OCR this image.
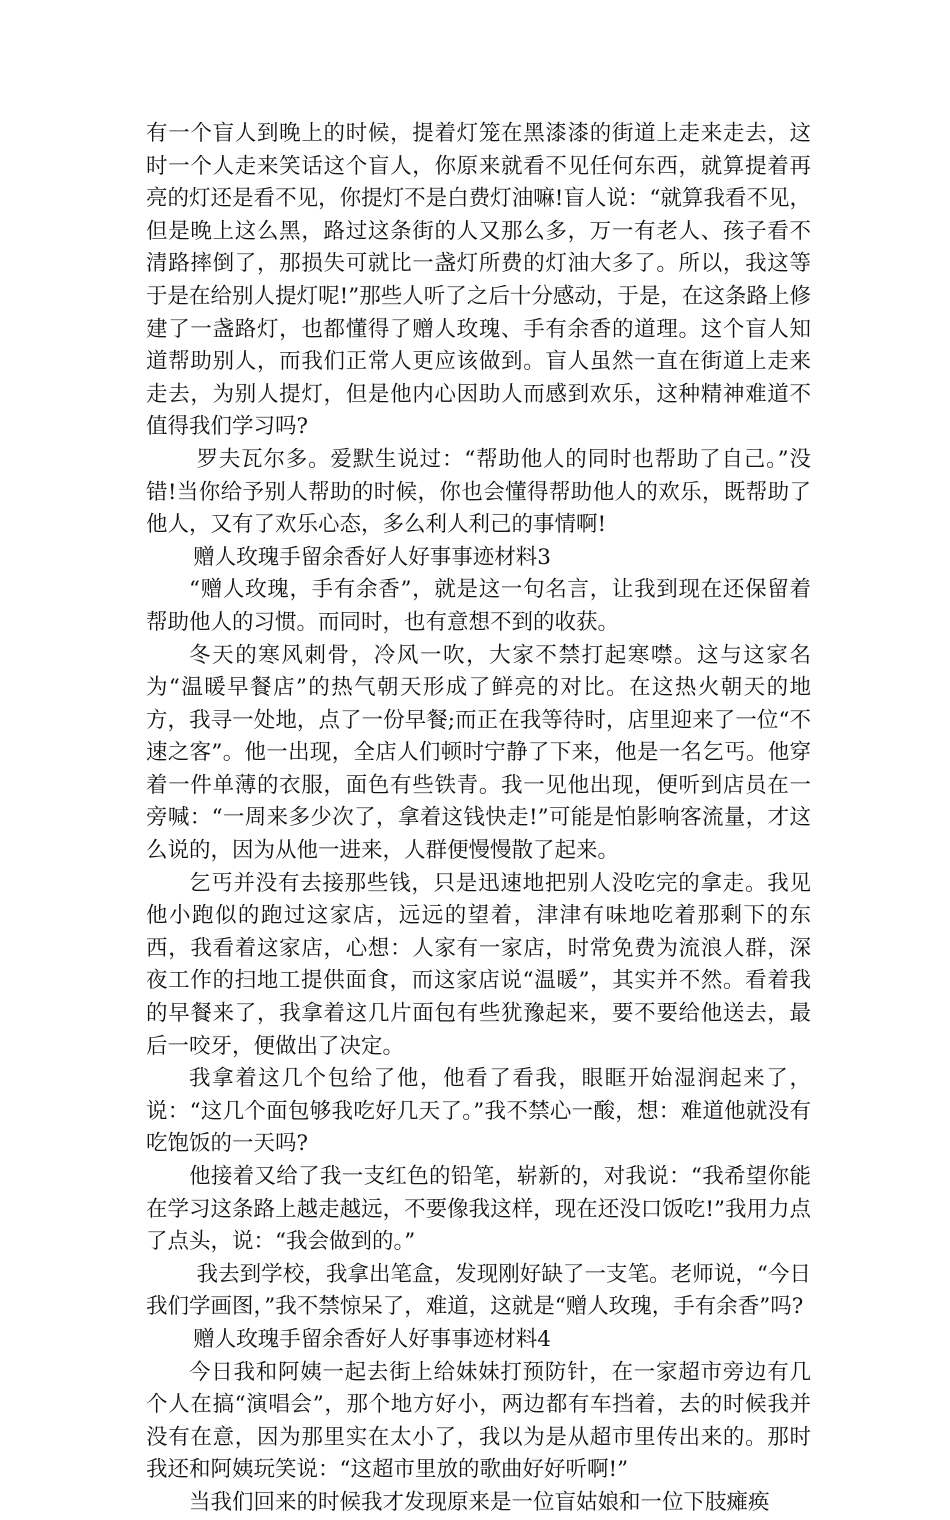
有一个盲人到晚上的时候，提着灯笼在黑漆漆的街道上走来走去，这时一个人走来笑话这个盲人，你原来就看不见任何东西，就算提着再亮的灯还是看不见，你提灯不是白费灯油嘛!盲人说：“就算我看不见，但是晚上这么黑，路过这条街的人又那么多，万一有老人、孩子看不清路摔倒了，那损失可就比一盏灯所费的灯油大多了。所以，我这等于是在给别人提灯呢!”那些人听了之后十分感动，于是，在这条路上修建了一盏路灯，也都懂得了赠人玫瑰、手有余香的道理。这个盲人知道帮助别人，而我们正常人更应该做到。盲人虽然一直在街道上走来走去，为别人提灯，但是他内心因助人而感到欢乐，这种精神难道不值得我们学习吗?

罗夫瓦尔多。爱默生说过：“帮助他人的同时也帮助了自己。”没错!当你给予别人帮助的时候，你也会懂得帮助他人的欢乐，既帮助了他人，又有了欢乐心态，多么利人利己的事情啊!

赠人玫瑰手留余香好人好事事迹材料3

“赠人玫瑰，手有余香”，就是这一句名言，让我到现在还保留着帮助他人的习惯。而同时，也有意想不到的收获。

冬天的寒风刺骨，冷风一吹，大家不禁打起寒噤。这与这家名为“温暖早餐店”的热气朝天形成了鲜亮的对比。在这热火朝天的地方，我寻一处地，点了一份早餐;而正在我等待时，店里迎来了一位“不速之客”。他一出现，全店人们顿时宁静了下来，他是一名乞丐。他穿着一件单薄的衣服，面色有些铁青。我一见他出现，便听到店员在一旁喊：“一周来多少次了，拿着这钱快走!”可能是怕影响客流量，才这么说的，因为从他一进来，人群便慢慢散了起来。

乞丐并没有去接那些钱，只是迅速地把别人没吃完的拿走。我见他小跑似的跑过这家店，远远的望着，津津有味地吃着那剩下的东西，我看着这家店，心想：人家有一家店，时常免费为流浪人群，深夜工作的扫地工提供面食，而这家店说“温暖”，其实并不然。看着我的早餐来了，我拿着这几片面包有些犹豫起来，要不要给他送去，最后一咬牙，便做出了决定。

我拿着这几个包给了他，他看了看我，眼眶开始湿润起来了，说：“这几个面包够我吃好几天了。”我不禁心一酸，想：难道他就没有吃饱饭的一天吗?

他接着又给了我一支红色的铅笔，崭新的，对我说：“我希望你能在学习这条路上越走越远，不要像我这样，现在还没口饭吃!”我用力点了点头，说：“我会做到的。”

我去到学校，我拿出笔盒，发现刚好缺了一支笔。老师说，“今日我们学画图，”我不禁惊呆了，难道，这就是“赠人玫瑰，手有余香”吗?

赠人玫瑰手留余香好人好事事迹材料4

今日我和阿姨一起去街上给妹妹打预防针，在一家超市旁边有几个人在搞“演唱会”，那个地方好小，两边都有车挡着，去的时候我并没有在意，因为那里实在太小了，我以为是从超市里传出来的。那时我还和阿姨玩笑说：“这超市里放的歌曲好好听啊!”

当我们回来的时候我才发现原来是一位盲姑娘和一位下肢瘫痪
